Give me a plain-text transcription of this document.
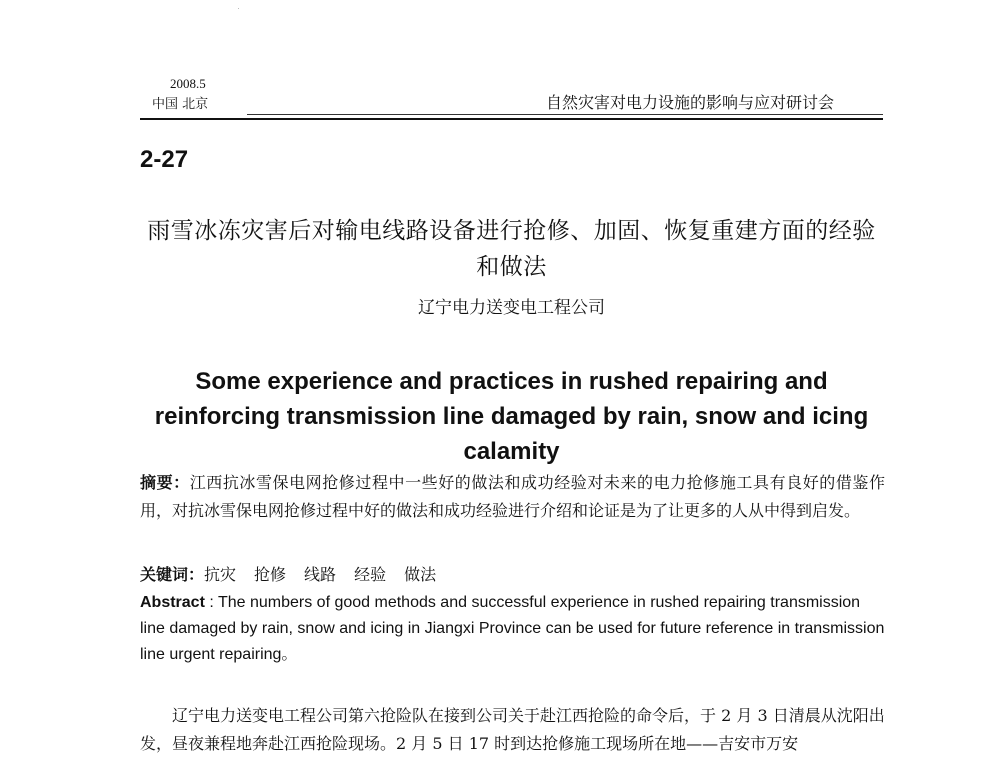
2008.5
中国 北京	自然灾害对电力设施的影响与应对研讨会
2-27
雨雪冰冻灾害后对输电线路设备进行抢修、加固、恢复重建方面的经验和做法
辽宁电力送变电工程公司
Some experience and practices in rushed repairing and reinforcing transmission line damaged by rain, snow and icing calamity
摘要：江西抗冰雪保电网抢修过程中一些好的做法和成功经验对未来的电力抢修施工具有良好的借鉴作用，对抗冰雪保电网抢修过程中好的做法和成功经验进行介绍和论证是为了让更多的人从中得到启发。
关键词：抗灾 抢修 线路 经验 做法
Abstract : The numbers of good methods and successful experience in rushed repairing transmission line damaged by rain, snow and icing in Jiangxi Province can be used for future reference in transmission line urgent repairing。
辽宁电力送变电工程公司第六抢险队在接到公司关于赴江西抢险的命令后，于 2 月 3 日清晨从沈阳出发，昼夜兼程地奔赴江西抢险现场。2 月 5 日 17 时到达抢修施工现场所在地——吉安市万安
